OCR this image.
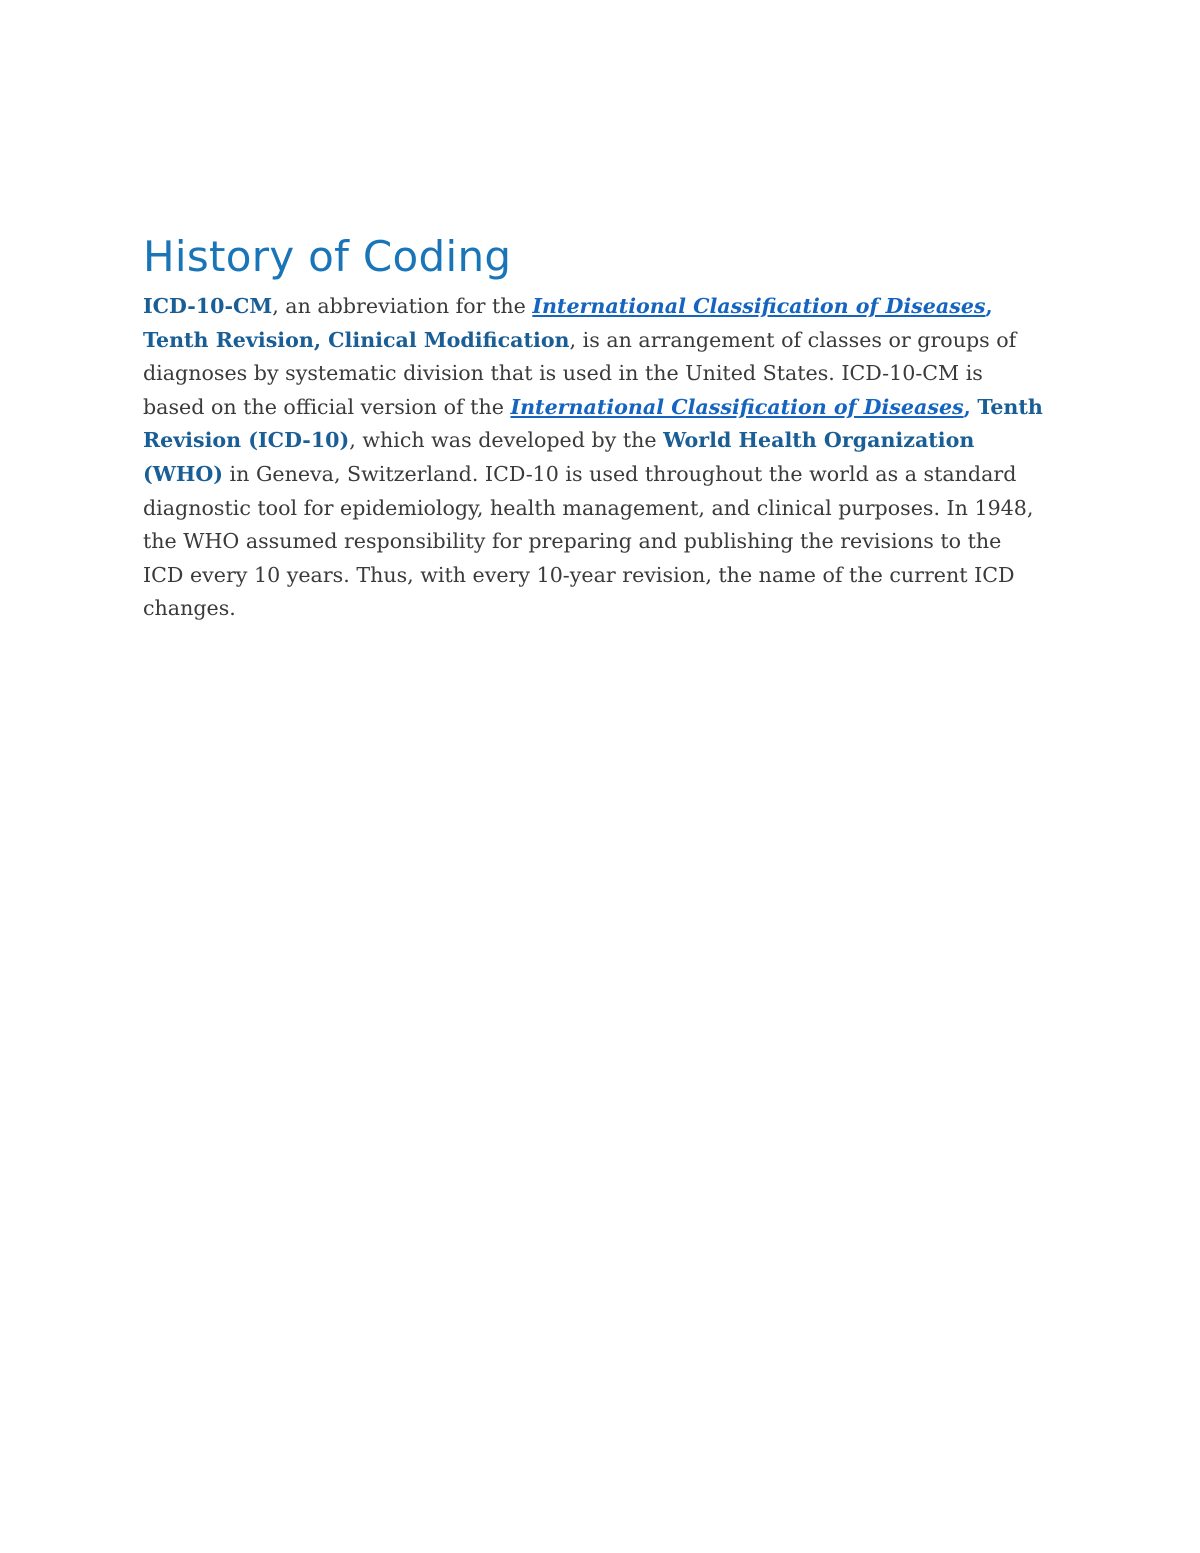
History of Coding

ICD-10-CM, an abbreviation for the International Classification of Diseases, Tenth Revision, Clinical Modification, is an arrangement of classes or groups of diagnoses by systematic division that is used in the United States. ICD-10-CM is based on the official version of the International Classification of Diseases, Tenth Revision (ICD-10), which was developed by the World Health Organization (WHO) in Geneva, Switzerland. ICD-10 is used throughout the world as a standard diagnostic tool for epidemiology, health management, and clinical purposes. In 1948, the WHO assumed responsibility for preparing and publishing the revisions to the ICD every 10 years. Thus, with every 10-year revision, the name of the current ICD changes.
